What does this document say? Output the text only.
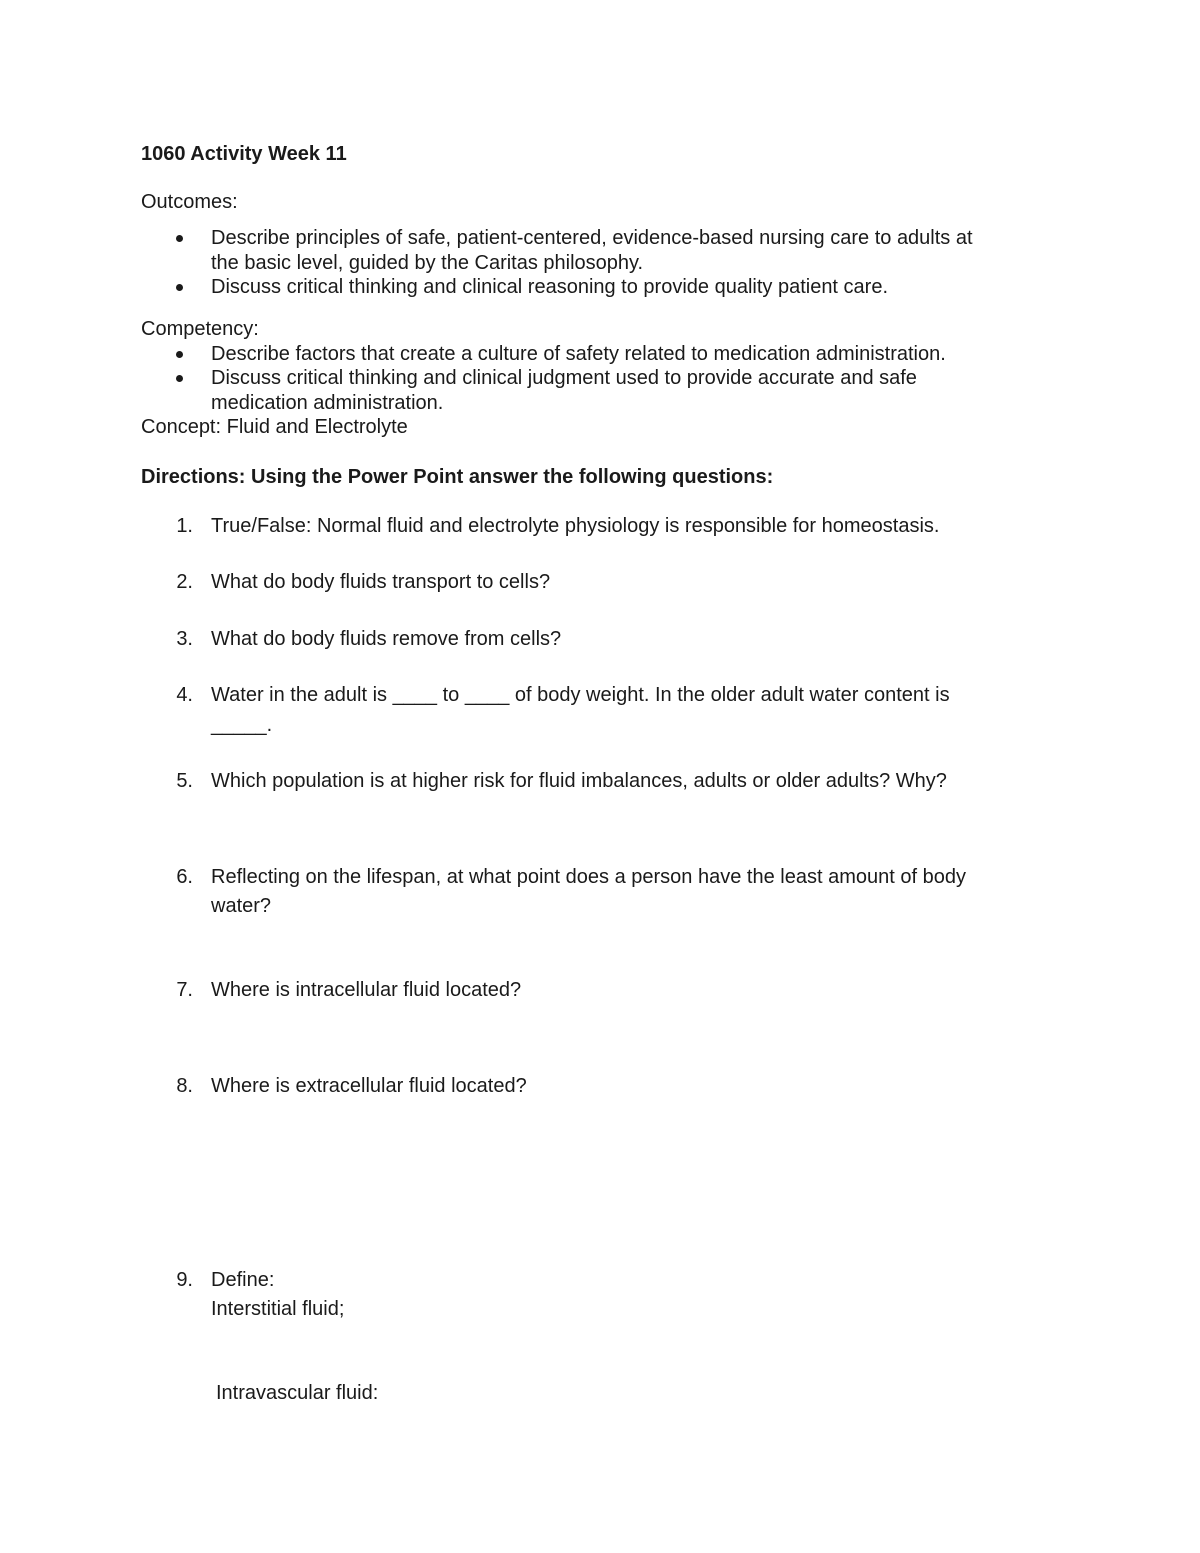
1060 Activity Week 11
Outcomes:
Describe principles of safe, patient-centered, evidence-based nursing care to adults at
the basic level, guided by the Caritas philosophy.
Discuss critical thinking and clinical reasoning to provide quality patient care.
Competency:
Describe factors that create a culture of safety related to medication administration.
Discuss critical thinking and clinical judgment used to provide accurate and safe
medication administration.
Concept: Fluid and Electrolyte
Directions: Using the Power Point answer the following questions:
1. True/False: Normal fluid and electrolyte physiology is responsible for homeostasis.
2. What do body fluids transport to cells?
3. What do body fluids remove from cells?
4. Water in the adult is ____ to ____ of body weight. In the older adult water content is
_____.
5. Which population is at higher risk for fluid imbalances, adults or older adults? Why?
6. Reflecting on the lifespan, at what point does a person have the least amount of body
water?
7. Where is intracellular fluid located?
8. Where is extracellular fluid located?
9. Define:
Interstitial fluid;
Intravascular fluid:
